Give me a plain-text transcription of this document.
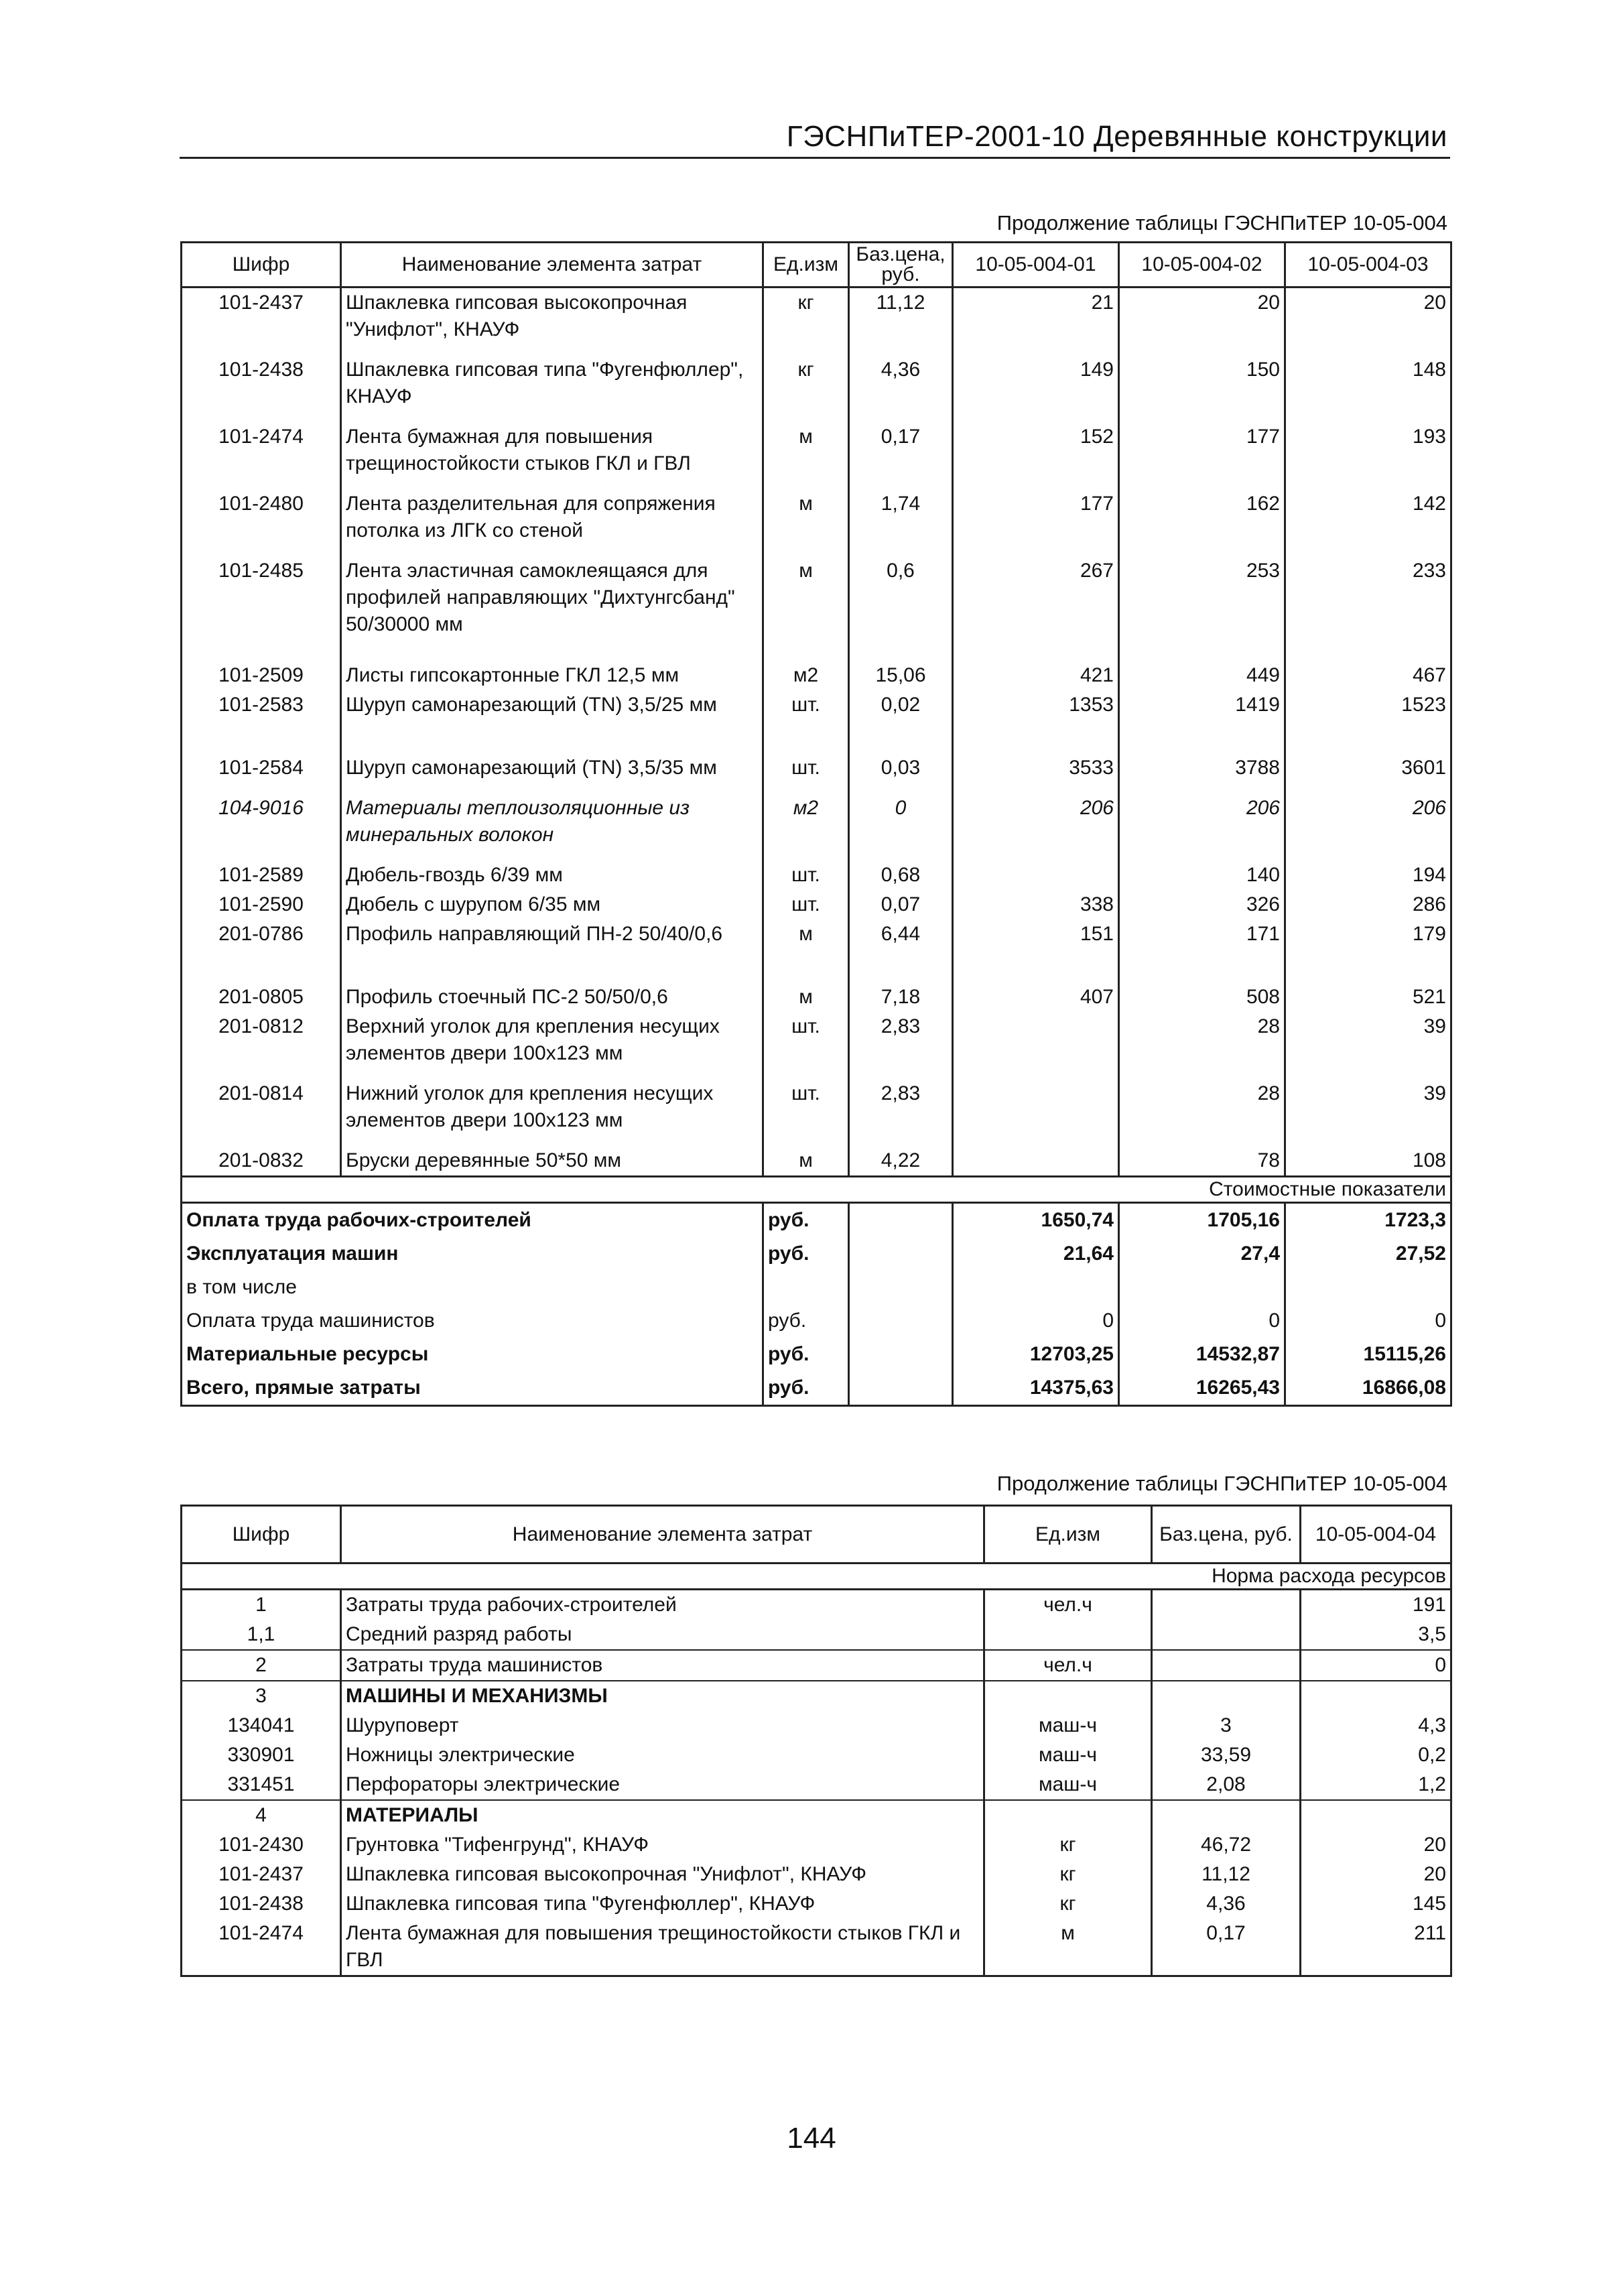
ГЭСНПиТЕР-2001-10 Деревянные конструкции
Продолжение таблицы ГЭСНПиТЕР 10-05-004
Шифр	Наименование элемента затрат	Ед.изм	Баз.цена, руб.	10-05-004-01	10-05-004-02	10-05-004-03
101-2437	Шпаклевка гипсовая высокопрочная "Унифлот", КНАУФ	кг	11,12	21	20	20
101-2438	Шпаклевка гипсовая типа "Фугенфюллер", КНАУФ	кг	4,36	149	150	148
101-2474	Лента бумажная для повышения трещиностойкости стыков ГКЛ и ГВЛ	м	0,17	152	177	193
101-2480	Лента разделительная для сопряжения потолка из ЛГК со стеной	м	1,74	177	162	142
101-2485	Лента эластичная самоклеящаяся для профилей направляющих "Дихтунгсбанд" 50/30000 мм	м	0,6	267	253	233
101-2509	Листы гипсокартонные ГКЛ 12,5 мм	м2	15,06	421	449	467
101-2583	Шуруп самонарезающий (TN) 3,5/25 мм	шт.	0,02	1353	1419	1523
101-2584	Шуруп самонарезающий (TN) 3,5/35 мм	шт.	0,03	3533	3788	3601
104-9016	Материалы теплоизоляционные из минеральных волокон	м2	0	206	206	206
101-2589	Дюбель-гвоздь 6/39 мм	шт.	0,68		140	194
101-2590	Дюбель с шурупом 6/35 мм	шт.	0,07	338	326	286
201-0786	Профиль направляющий ПН-2 50/40/0,6	м	6,44	151	171	179
201-0805	Профиль стоечный ПС-2 50/50/0,6	м	7,18	407	508	521
201-0812	Верхний уголок для крепления несущих элементов двери 100х123 мм	шт.	2,83		28	39
201-0814	Нижний уголок для крепления несущих элементов двери 100х123 мм	шт.	2,83		28	39
201-0832	Бруски деревянные 50*50 мм	м	4,22		78	108
Стоимостные показатели						
Оплата труда рабочих-строителей		руб.		1650,74	1705,16	1723,3
Эксплуатация машин		руб.		21,64	27,4	27,52
в том числе						
Оплата труда машинистов		руб.		0	0	0
Материальные ресурсы		руб.		12703,25	14532,87	15115,26
Всего, прямые затраты		руб.		14375,63	16265,43	16866,08
Продолжение таблицы ГЭСНПиТЕР 10-05-004
Шифр	Наименование элемента затрат	Ед.изм	Баз.цена, руб.	10-05-004-04
Норма расхода ресурсов				
1	Затраты труда рабочих-строителей	чел.ч		191
1,1	Средний разряд работы			3,5
2	Затраты труда машинистов	чел.ч		0
3	МАШИНЫ И МЕХАНИЗМЫ			
134041	Шуруповерт	маш-ч	3	4,3
330901	Ножницы электрические	маш-ч	33,59	0,2
331451	Перфораторы электрические	маш-ч	2,08	1,2
4	МАТЕРИАЛЫ			
101-2430	Грунтовка "Тифенгрунд", КНАУФ	кг	46,72	20
101-2437	Шпаклевка гипсовая высокопрочная "Унифлот", КНАУФ	кг	11,12	20
101-2438	Шпаклевка гипсовая типа "Фугенфюллер", КНАУФ	кг	4,36	145
101-2474	Лента бумажная для повышения трещиностойкости стыков ГКЛ и ГВЛ	м	0,17	211
144
